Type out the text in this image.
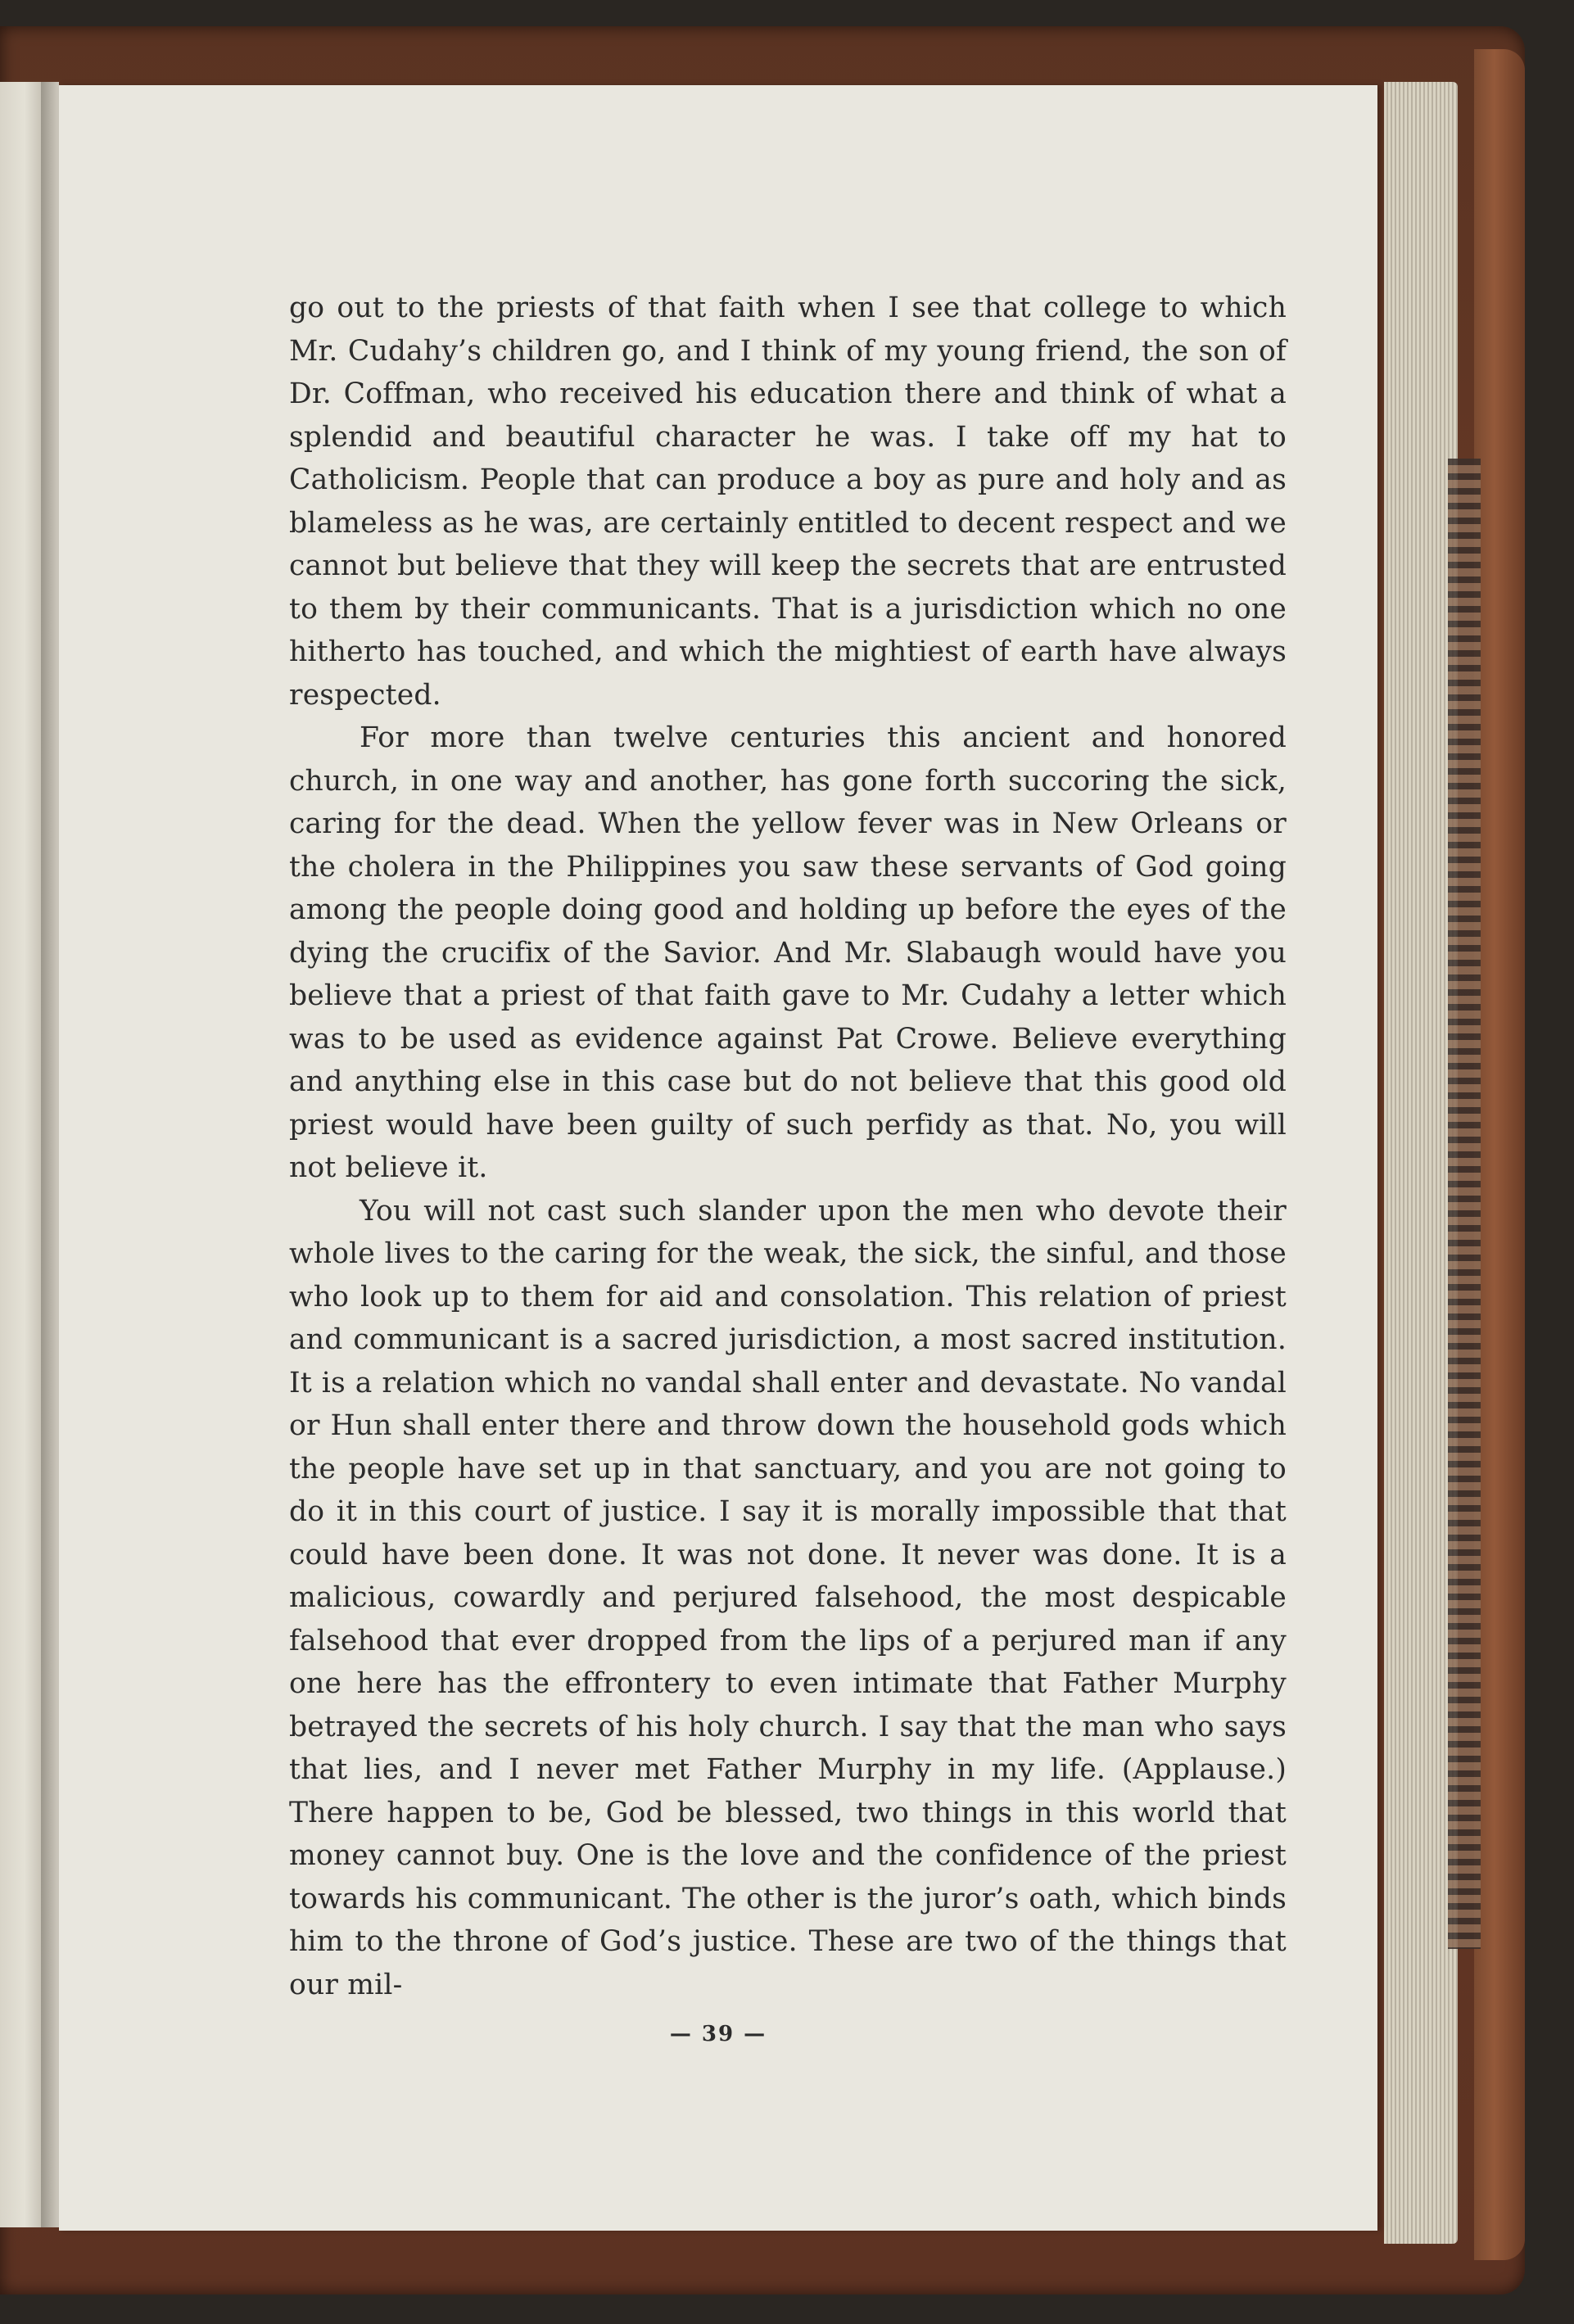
go out to the priests of that faith when I see that college to which Mr. Cudahy’s children go, and I think of my young friend, the son of Dr. Coffman, who received his education there and think of what a splendid and beautiful character he was. I take off my hat to Catholicism. People that can produce a boy as pure and holy and as blameless as he was, are certainly entitled to decent respect and we cannot but believe that they will keep the secrets that are entrusted to them by their communicants. That is a jurisdiction which no one hitherto has touched, and which the mightiest of earth have always respected.

For more than twelve centuries this ancient and honored church, in one way and another, has gone forth succoring the sick, caring for the dead. When the yellow fever was in New Orleans or the cholera in the Philippines you saw these servants of God going among the people doing good and holding up before the eyes of the dying the crucifix of the Savior. And Mr. Slabaugh would have you believe that a priest of that faith gave to Mr. Cudahy a letter which was to be used as evidence against Pat Crowe. Believe everything and anything else in this case but do not believe that this good old priest would have been guilty of such perfidy as that. No, you will not believe it.

You will not cast such slander upon the men who devote their whole lives to the caring for the weak, the sick, the sinful, and those who look up to them for aid and consolation. This relation of priest and communicant is a sacred jurisdiction, a most sacred institution. It is a relation which no vandal shall enter and devastate. No vandal or Hun shall enter there and throw down the household gods which the people have set up in that sanctuary, and you are not going to do it in this court of justice. I say it is morally impossible that that could have been done. It was not done. It never was done. It is a malicious, cowardly and perjured falsehood, the most despicable falsehood that ever dropped from the lips of a perjured man if any one here has the effrontery to even intimate that Father Murphy betrayed the secrets of his holy church. I say that the man who says that lies, and I never met Father Murphy in my life. (Applause.) There happen to be, God be blessed, two things in this world that money cannot buy. One is the love and the confidence of the priest towards his communicant. The other is the juror’s oath, which binds him to the throne of God’s justice. These are two of the things that our mil-

— 39 —
